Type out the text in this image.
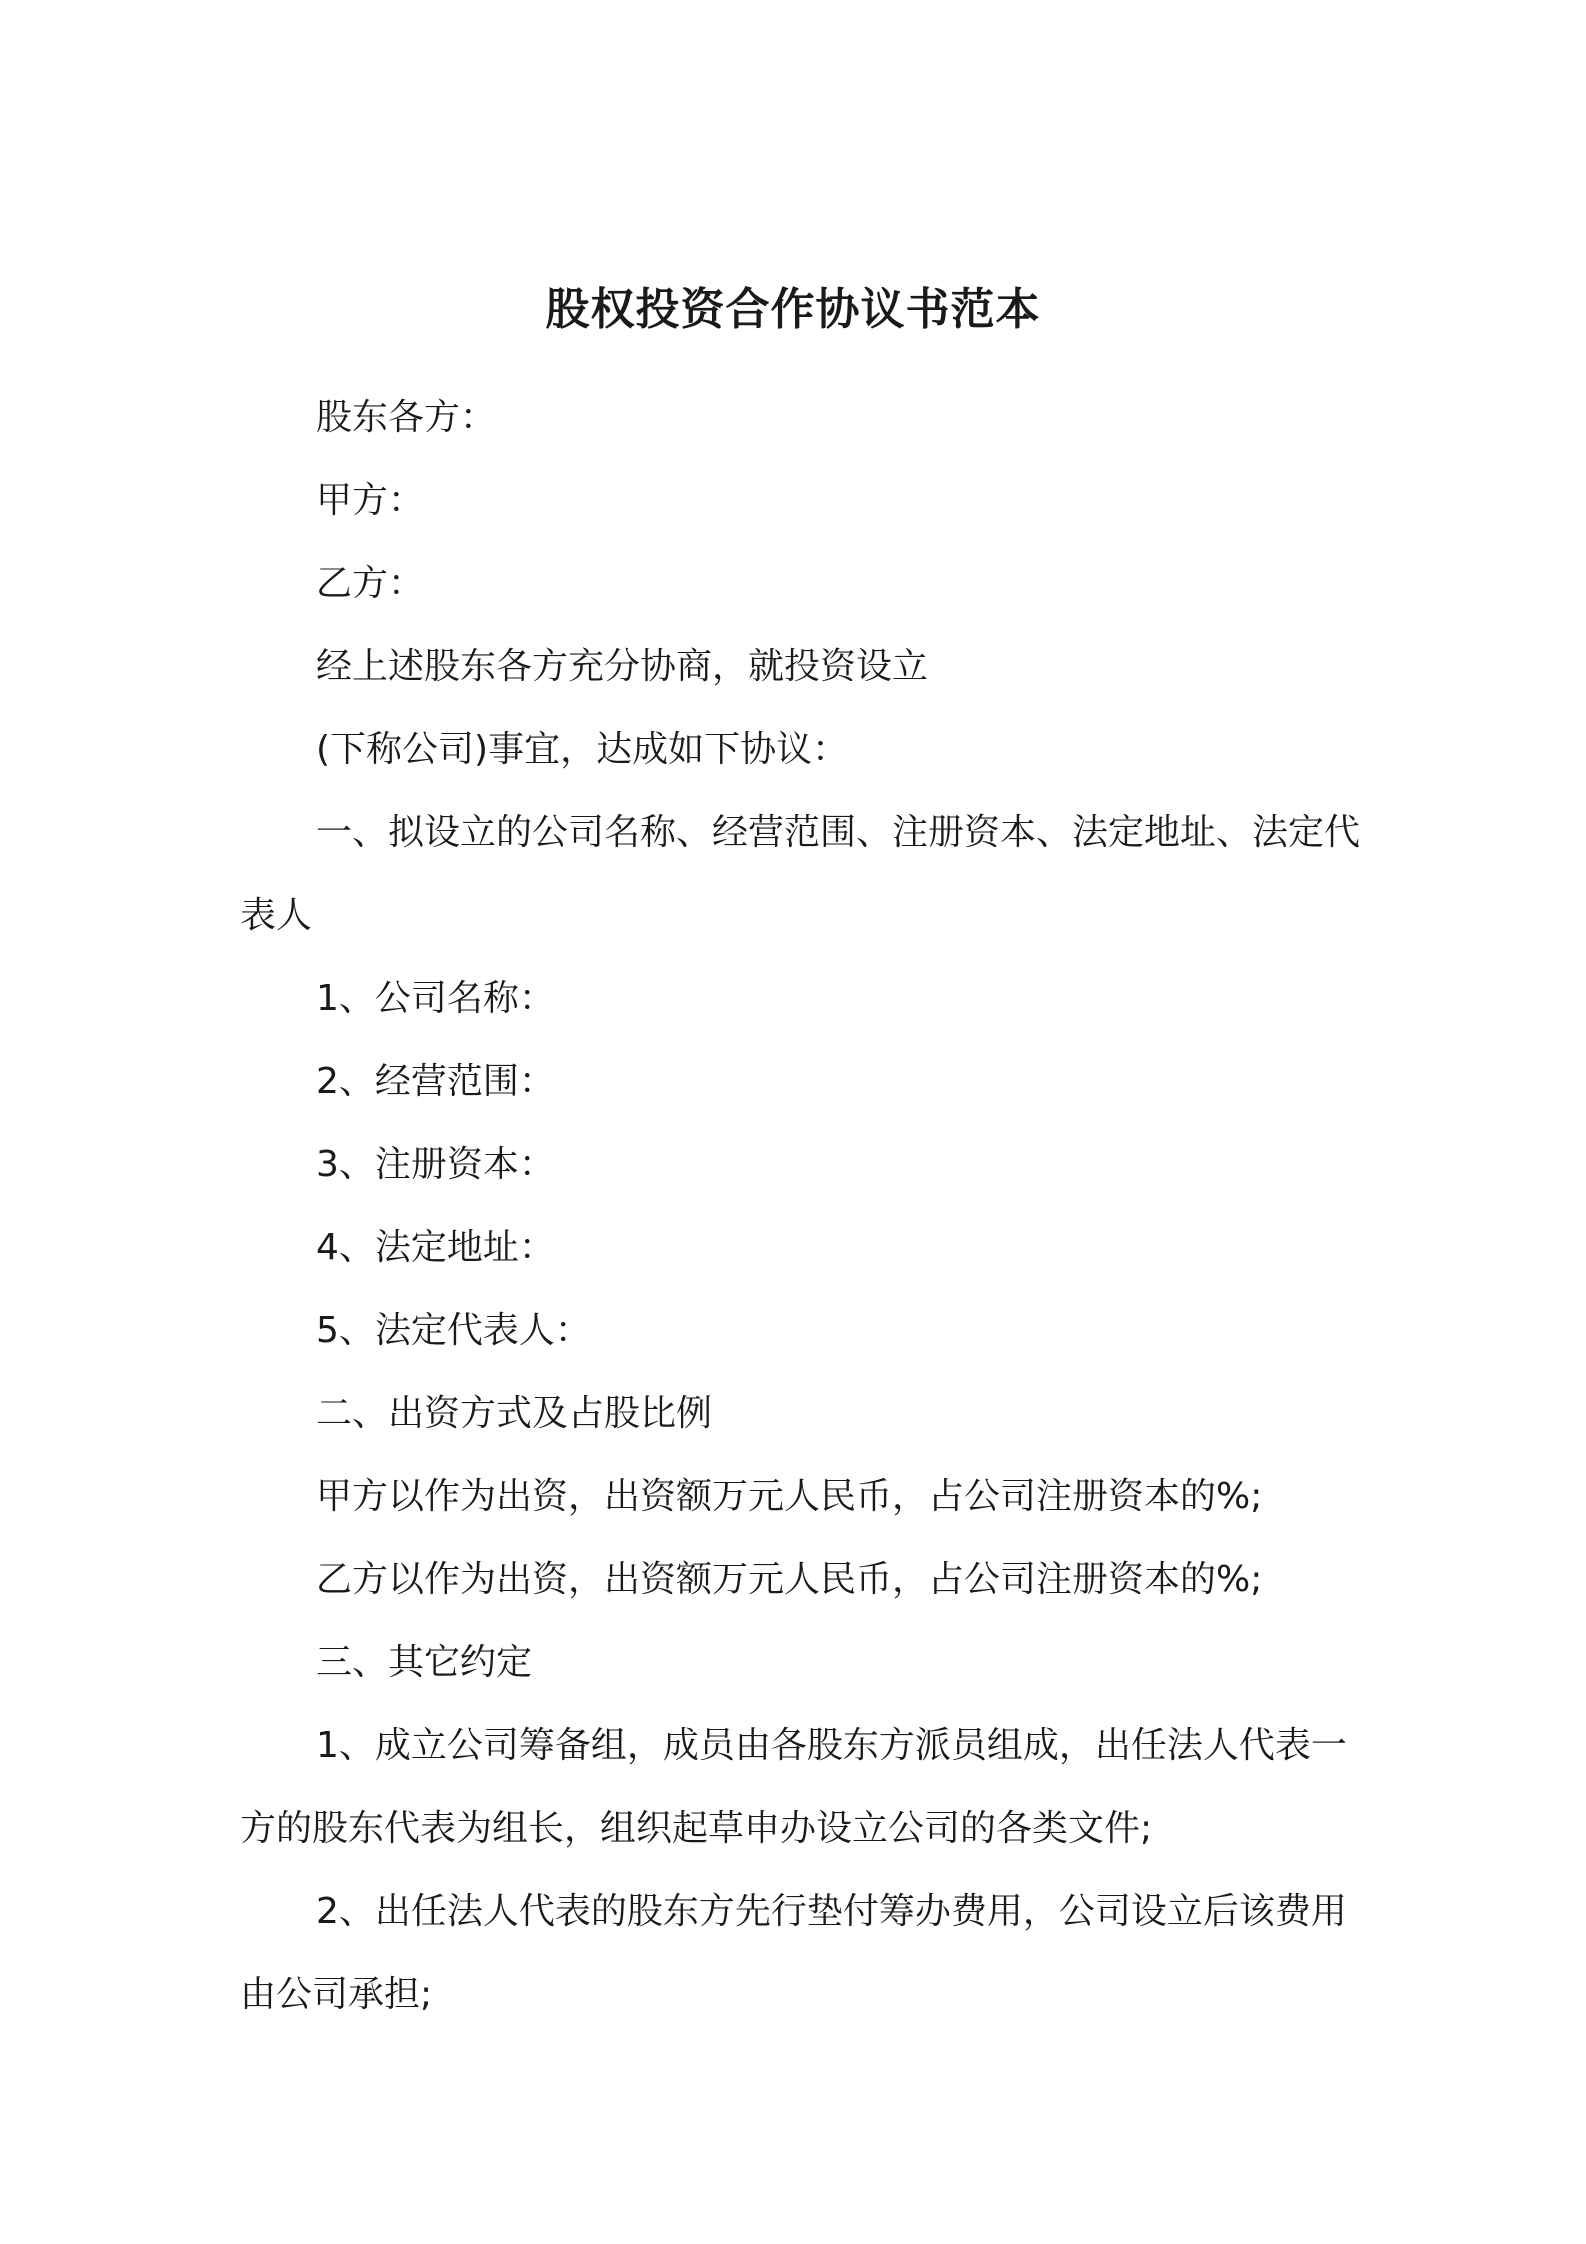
股权投资合作协议书范本

股东各方：

甲方：

乙方：

经上述股东各方充分协商，就投资设立

(下称公司)事宜，达成如下协议：

一、拟设立的公司名称、经营范围、注册资本、法定地址、法定代表人

1、公司名称：

2、经营范围：

3、注册资本：

4、法定地址：

5、法定代表人：

二、出资方式及占股比例

甲方以作为出资，出资额万元人民币，占公司注册资本的%;

乙方以作为出资，出资额万元人民币，占公司注册资本的%;

三、其它约定

1、成立公司筹备组，成员由各股东方派员组成，出任法人代表一方的股东代表为组长，组织起草申办设立公司的各类文件;

2、出任法人代表的股东方先行垫付筹办费用，公司设立后该费用由公司承担;
